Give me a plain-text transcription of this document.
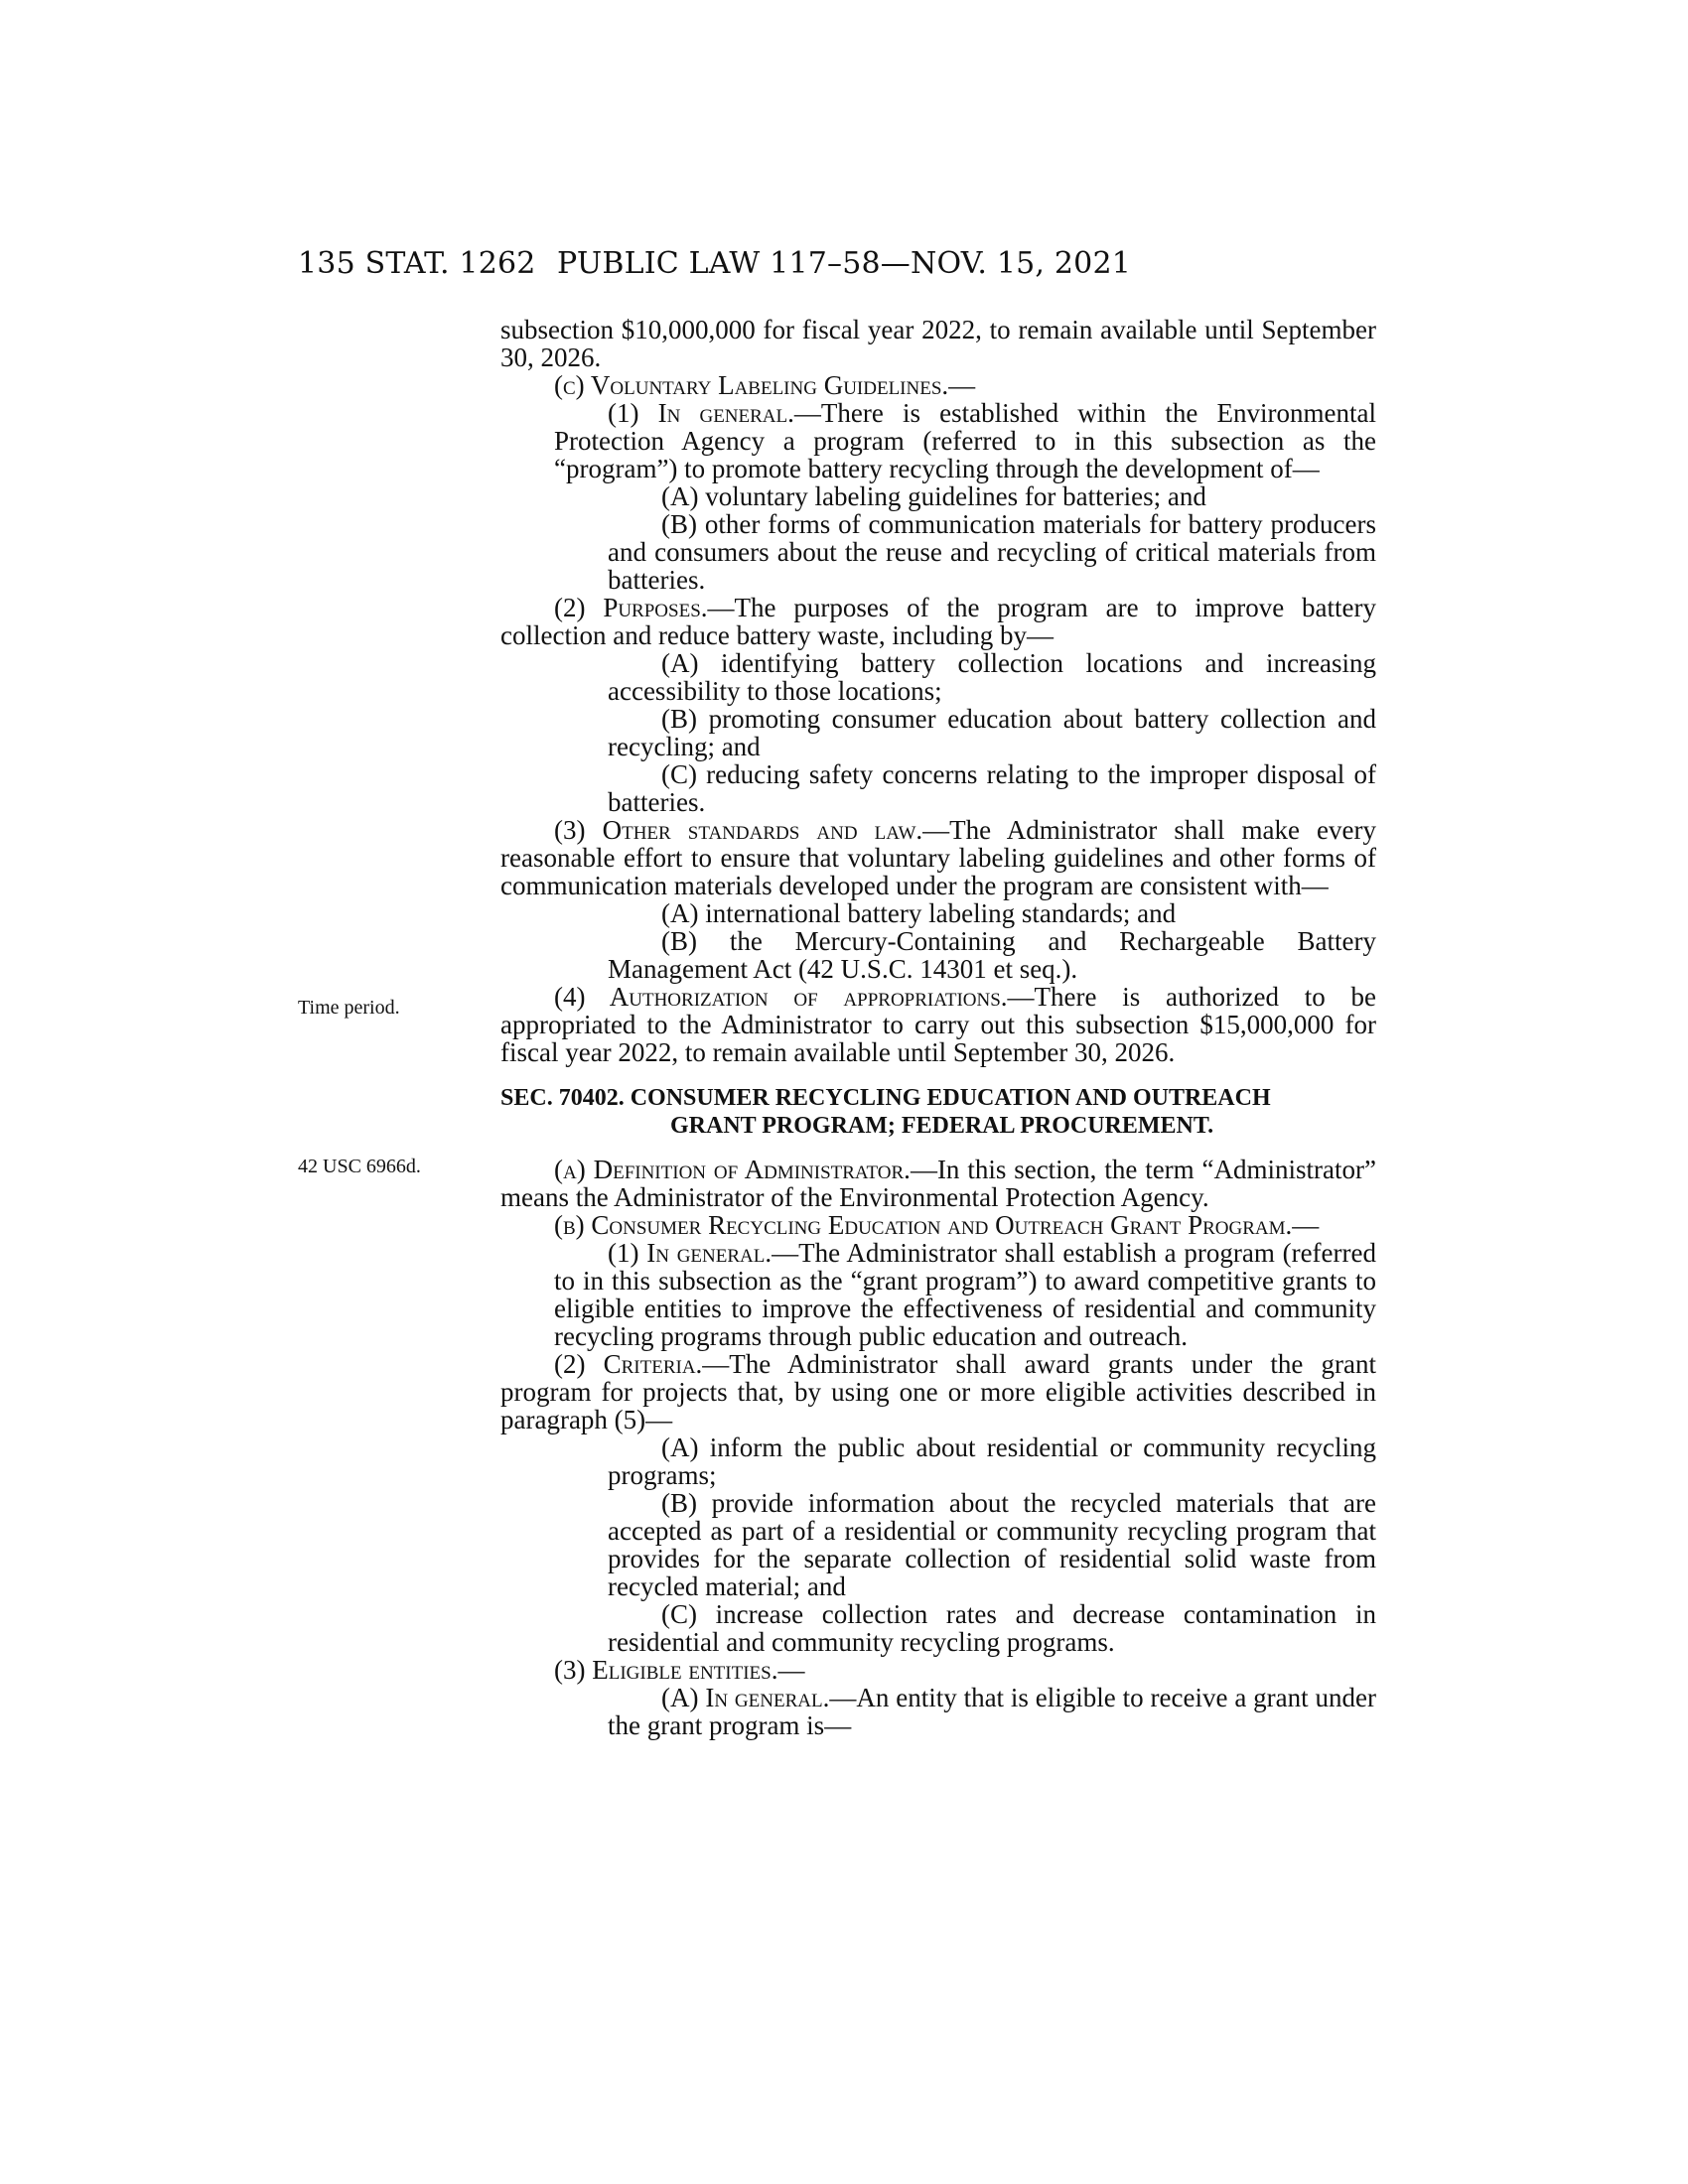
135 STAT. 1262 PUBLIC LAW 117–58—NOV. 15, 2021
Time period.
42 USC 6966d.

subsection $10,000,000 for fiscal year 2022, to remain available until September 30, 2026.

(c) Voluntary Labeling Guidelines.—

(1) In general.—There is established within the Environmental Protection Agency a program (referred to in this subsection as the “program”) to promote battery recycling through the development of—

(A) voluntary labeling guidelines for batteries; and

(B) other forms of communication materials for battery producers and consumers about the reuse and recycling of critical materials from batteries.

(2) Purposes.—The purposes of the program are to improve battery collection and reduce battery waste, including by—

(A) identifying battery collection locations and increasing accessibility to those locations;

(B) promoting consumer education about battery collection and recycling; and

(C) reducing safety concerns relating to the improper disposal of batteries.

(3) Other standards and law.—The Administrator shall make every reasonable effort to ensure that voluntary labeling guidelines and other forms of communication materials developed under the program are consistent with—

(A) international battery labeling standards; and

(B) the Mercury-Containing and Rechargeable Battery Management Act (42 U.S.C. 14301 et seq.).

(4) Authorization of appropriations.—There is authorized to be appropriated to the Administrator to carry out this subsection $15,000,000 for fiscal year 2022, to remain available until September 30, 2026.

SEC. 70402. CONSUMER RECYCLING EDUCATION AND OUTREACH

GRANT PROGRAM; FEDERAL PROCUREMENT.

(a) Definition of Administrator.—In this section, the term “Administrator” means the Administrator of the Environmental Protection Agency.

(b) Consumer Recycling Education and Outreach Grant Program.—

(1) In general.—The Administrator shall establish a program (referred to in this subsection as the “grant program”) to award competitive grants to eligible entities to improve the effectiveness of residential and community recycling programs through public education and outreach.

(2) Criteria.—The Administrator shall award grants under the grant program for projects that, by using one or more eligible activities described in paragraph (5)—

(A) inform the public about residential or community recycling programs;

(B) provide information about the recycled materials that are accepted as part of a residential or community recycling program that provides for the separate collection of residential solid waste from recycled material; and

(C) increase collection rates and decrease contamination in residential and community recycling programs.

(3) Eligible entities.—

(A) In general.—An entity that is eligible to receive a grant under the grant program is—
